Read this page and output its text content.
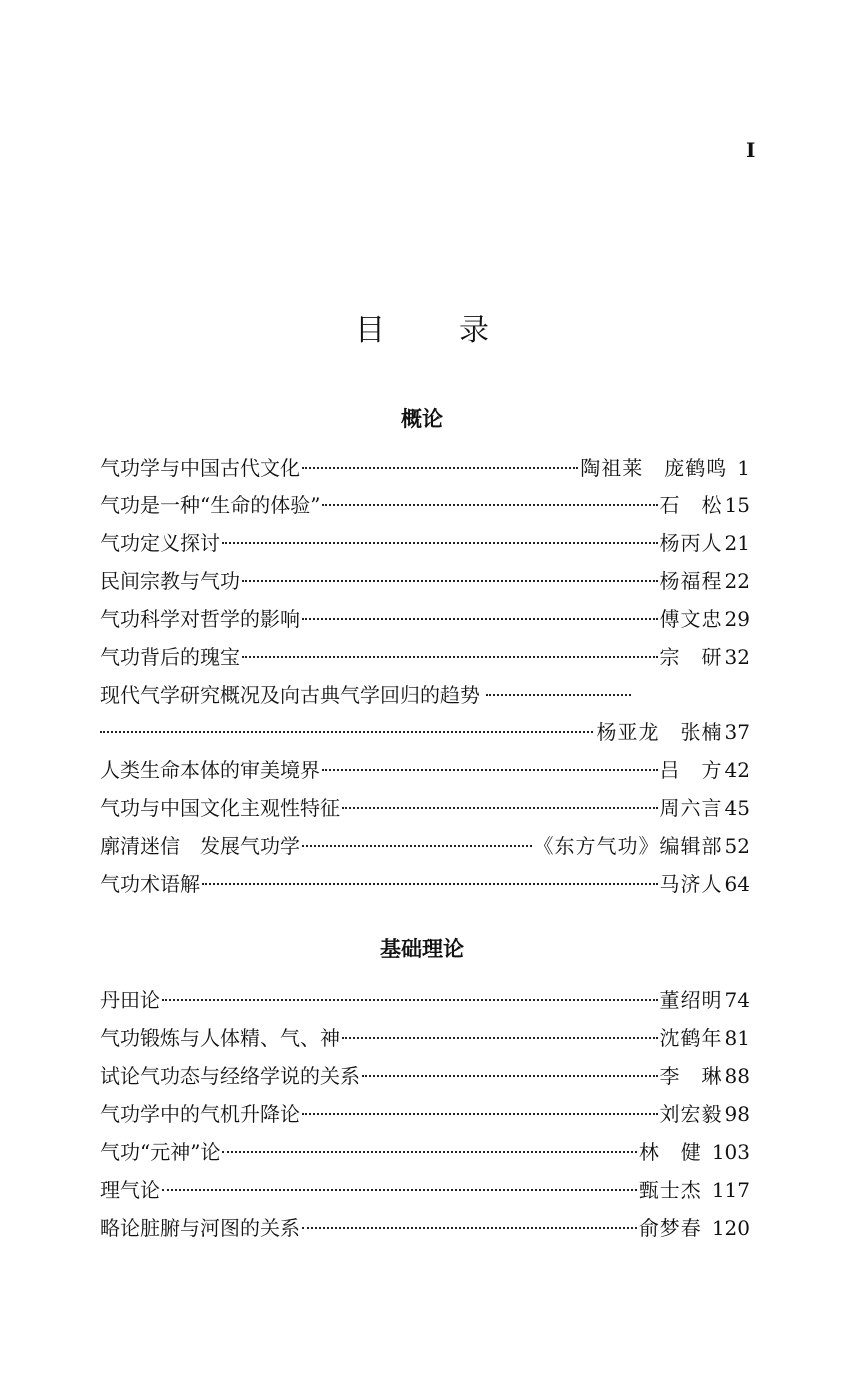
I
目录
概论
气功学与中国古代文化	陶祖莱　庞鹤鸣 1
气功是一种“生命的体验”	石　松 15
气功定义探讨	杨丙人 21
民间宗教与气功	杨福程 22
气功科学对哲学的影响	傅文忠 29
气功背后的瑰宝	宗　研 32
现代气学研究概况及向古典气学回归的趋势
杨亚龙　张楠 37
人类生命本体的审美境界	吕　方 42
气功与中国文化主观性特征	周六言 45
廓清迷信　发展气功学	《东方气功》编辑部 52
气功术语解	马济人 64
基础理论
丹田论	董绍明 74
气功锻炼与人体精、气、神	沈鹤年 81
试论气功态与经络学说的关系	李　琳 88
气功学中的气机升降论	刘宏毅 98
气功“元神”论	林　健 103
理气论	甄士杰 117
略论脏腑与河图的关系	俞梦春 120
